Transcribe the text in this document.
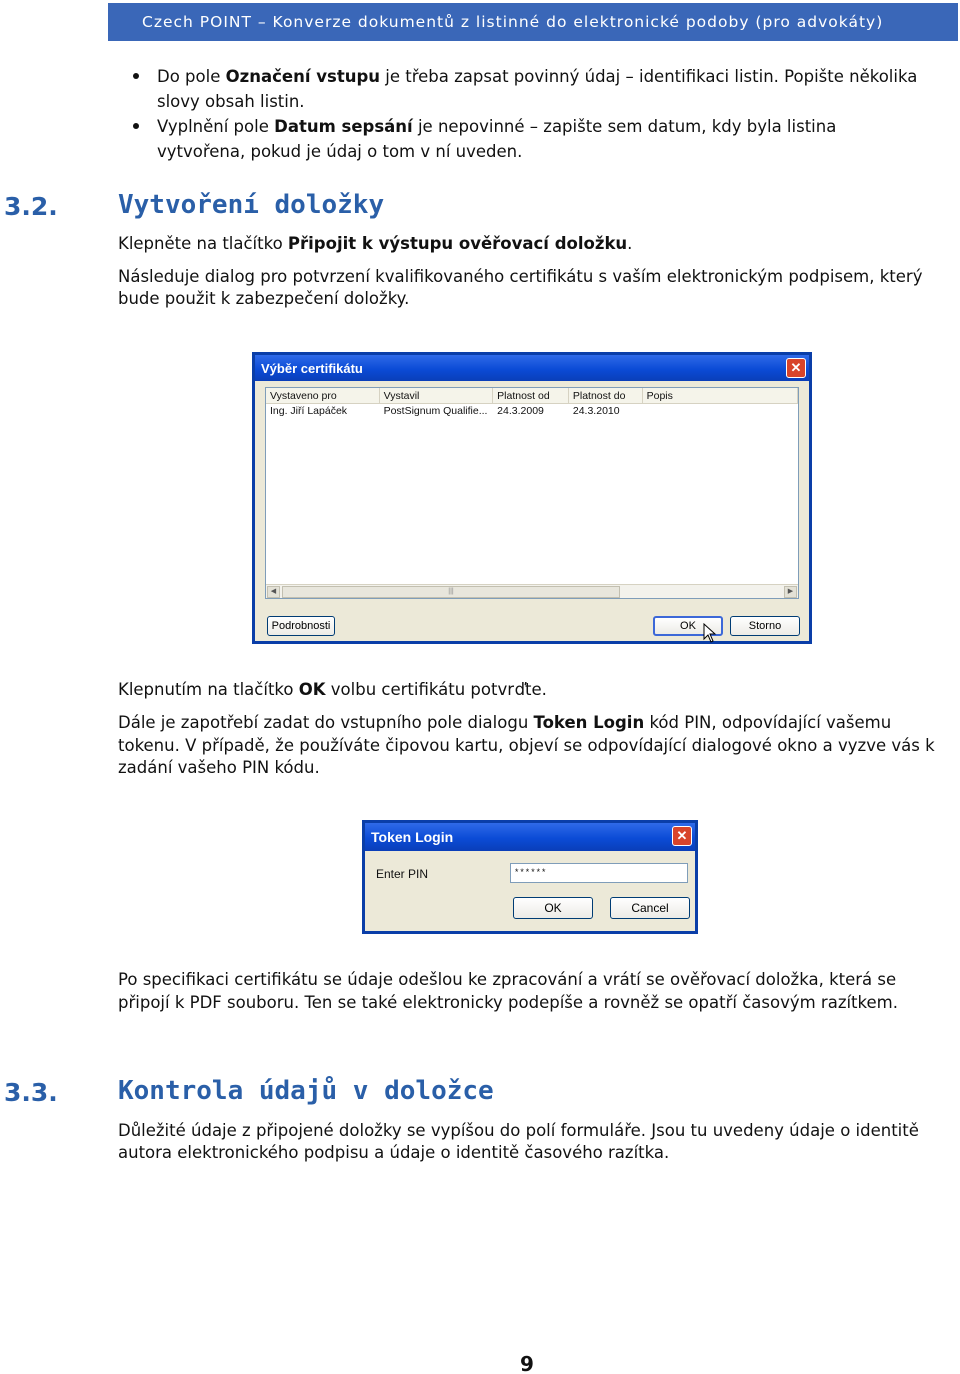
Czech POINT – Konverze dokumentů z listinné do elektronické podoby (pro advokáty)
Do pole Označení vstupu je třeba zapsat povinný údaj – identifikaci listin. Popište několika slovy obsah listin.
Vyplnění pole Datum sepsání je nepovinné – zapište sem datum, kdy byla listina vytvořena, pokud je údaj o tom v ní uveden.
3.2. Vytvoření doložky
Klepněte na tlačítko Připojit k výstupu ověřovací doložku.
Následuje dialog pro potvrzení kvalifikovaného certifikátu s vaším elektronickým podpisem, který bude použit k zabezpečení doložky.
Výběr certifikátu	✕
Vystaveno pro	Vystavil	Platnost od	Platnost do	Popis
Ing. Jiří Lapáček	PostSignum Qualifie... 24.3.2009	24.3.2010
◀	|||	▶
Podrobnosti	OK	Storno
Klepnutím na tlačítko OK volbu certifikátu potvrďte.
Dále je zapotřebí zadat do vstupního pole dialogu Token Login kód PIN, odpovídající vašemu tokenu. V případě, že používáte čipovou kartu, objeví se odpovídající dialogové okno a vyzve vás k zadání vašeho PIN kódu.
Token Login	✕
Enter PIN	******
OK	Cancel
Po specifikaci certifikátu se údaje odešlou ke zpracování a vrátí se ověřovací doložka, která se připojí k PDF souboru. Ten se také elektronicky podepíše a rovněž se opatří časovým razítkem.
3.3. Kontrola údajů v doložce
Důležité údaje z připojené doložky se vypíšou do polí formuláře. Jsou tu uvedeny údaje o identitě autora elektronického podpisu a údaje o identitě časového razítka.
9
